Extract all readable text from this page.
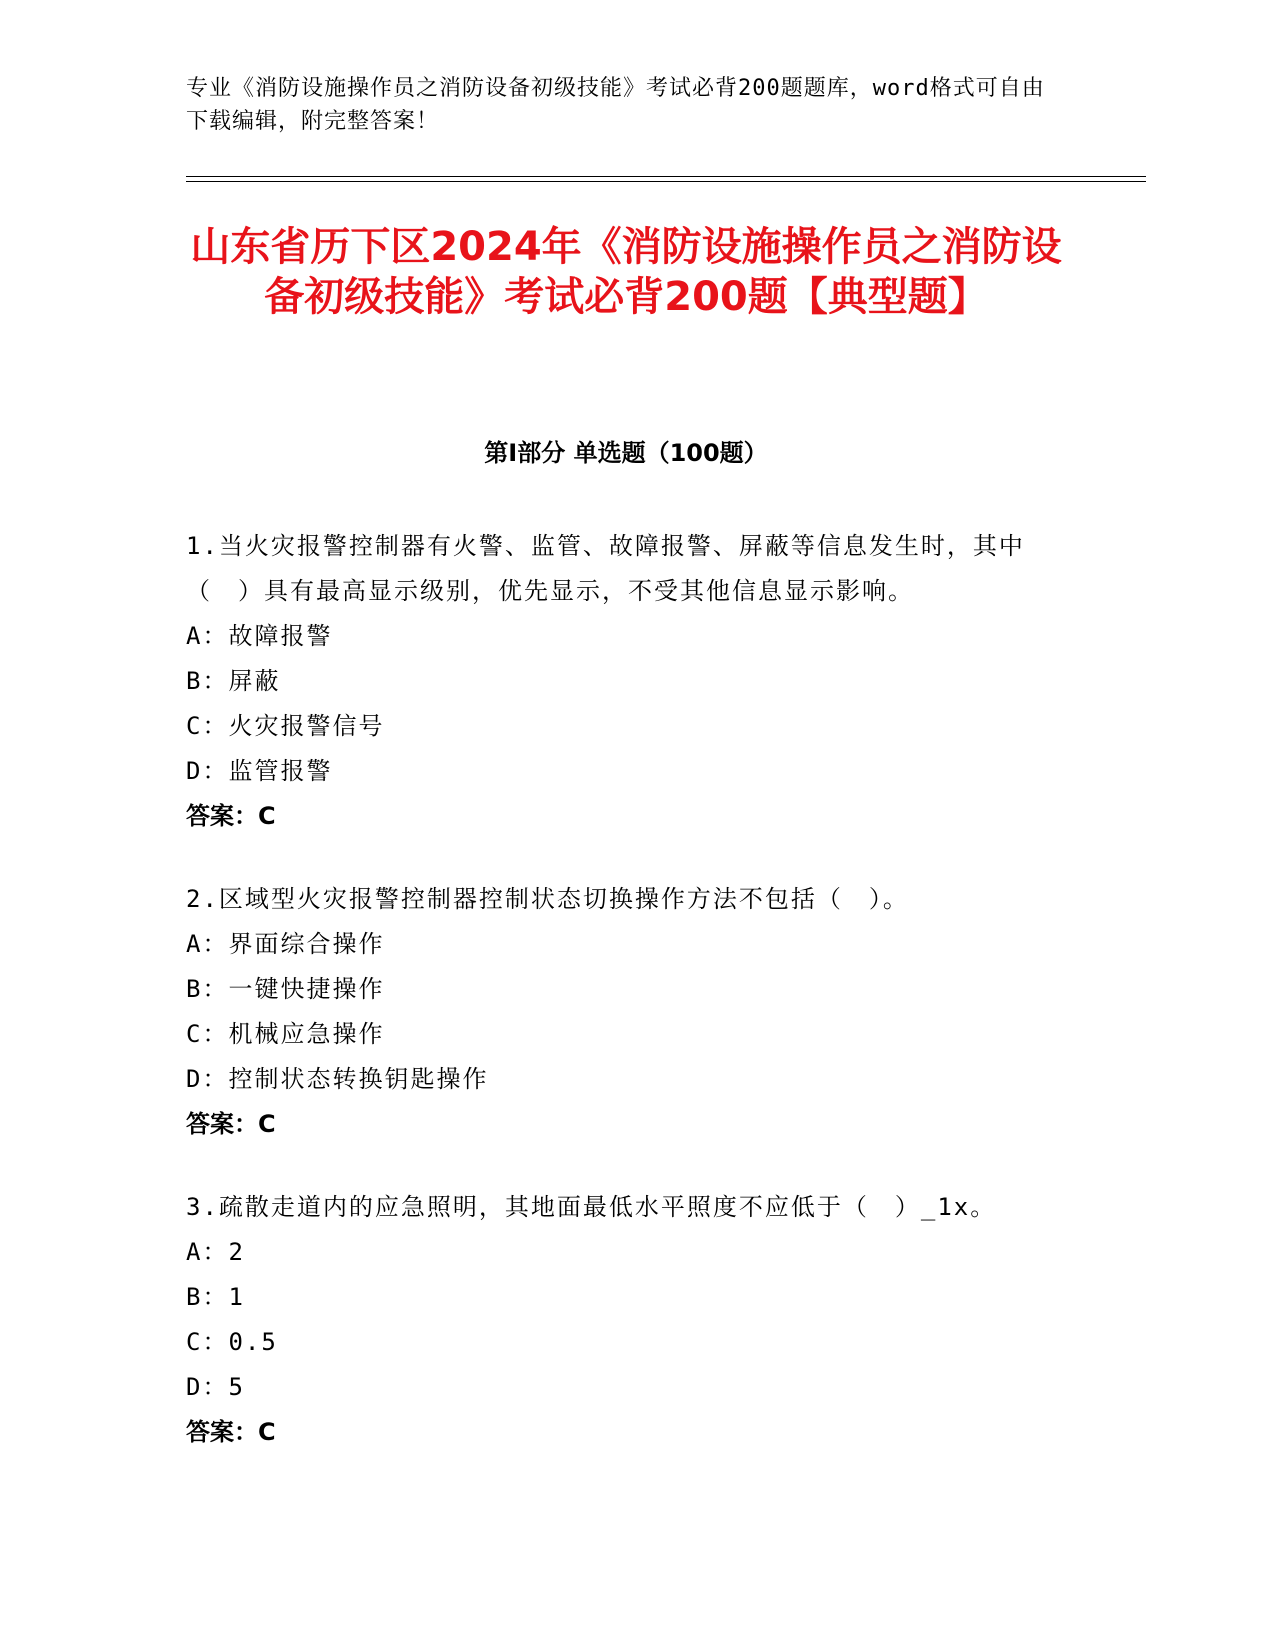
专业《消防设施操作员之消防设备初级技能》考试必背200题题库，word格式可自由下载编辑，附完整答案！
山东省历下区2024年《消防设施操作员之消防设备初级技能》考试必背200题【典型题】
第Ⅰ部分 单选题（100题）
1.当火灾报警控制器有火警、监管、故障报警、屏蔽等信息发生时，其中（　）具有最高显示级别，优先显示，不受其他信息显示影响。
A：故障报警
B：屏蔽
C：火灾报警信号
D：监管报警
答案：C
2.区域型火灾报警控制器控制状态切换操作方法不包括（　）。
A：界面综合操作
B：一键快捷操作
C：机械应急操作
D：控制状态转换钥匙操作
答案：C
3.疏散走道内的应急照明，其地面最低水平照度不应低于（　）_1x。
A：2
B：1
C：0.5
D：5
答案：C
